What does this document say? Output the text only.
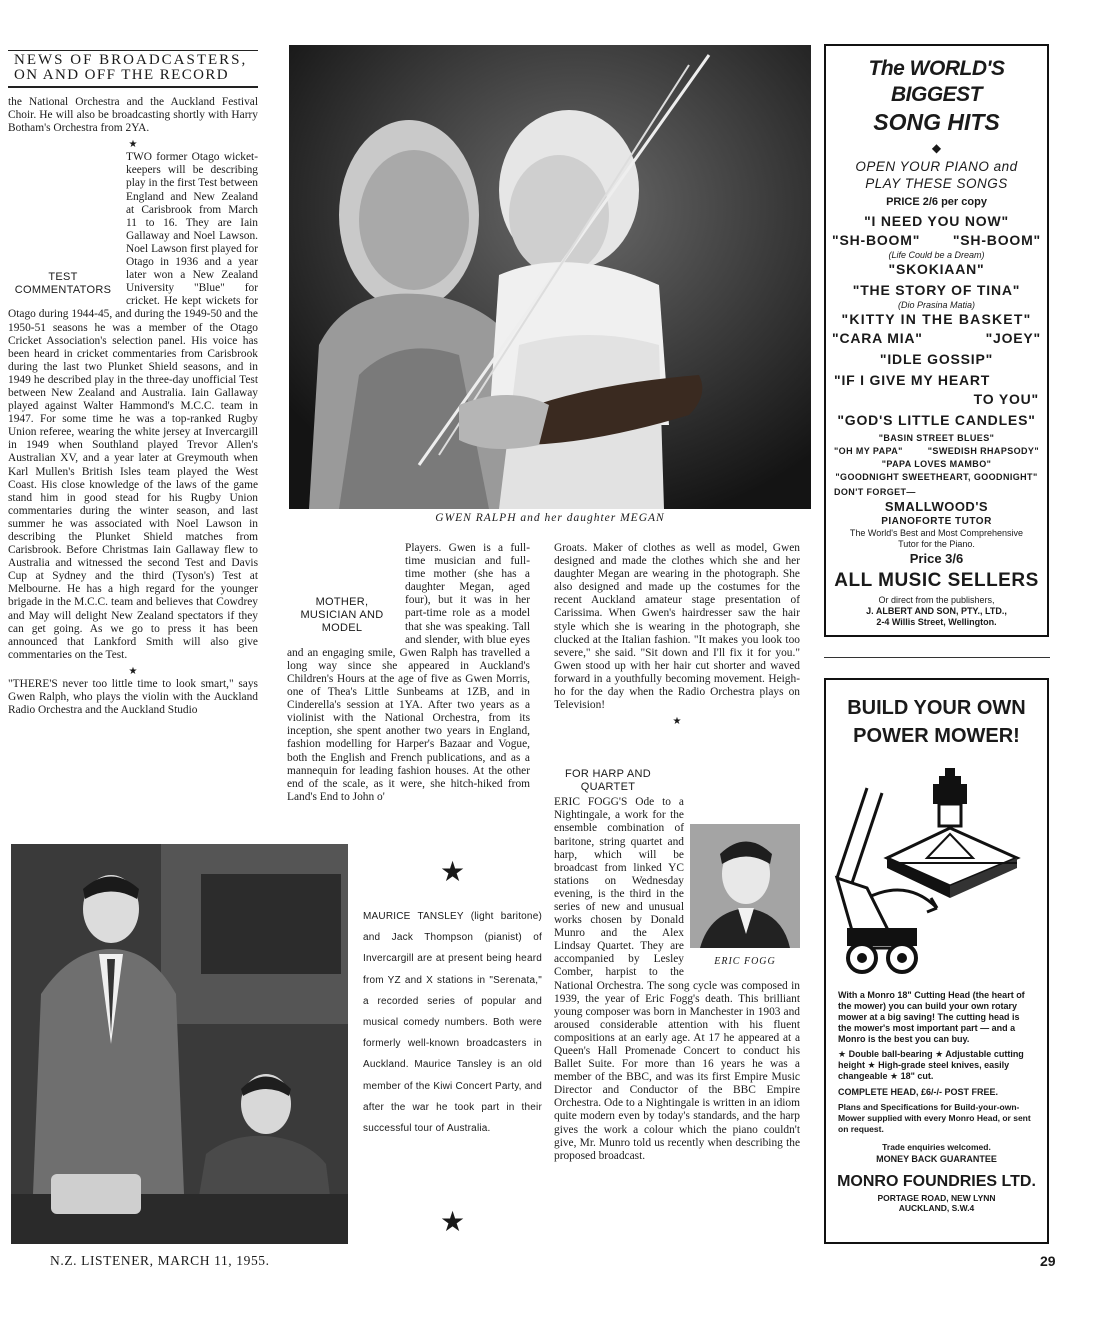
NEWS OF BROADCASTERS,
ON AND OFF THE RECORD

the National Orchestra and the Auckland Festival Choir. He will also be broadcasting shortly with Harry Botham's Orchestra from 2YA.

★

TEST COMMENTATORS
TWO former Otago wicket-keepers will be describing play in the first Test between England and New Zealand at Carisbrook from March 11 to 16. They are Iain Gallaway and Noel Lawson. Noel Lawson first played for Otago in 1936 and a year later won a New Zealand University "Blue" for cricket. He kept wickets for Otago during 1944-45, and during the 1949-50 and the 1950-51 seasons he was a member of the Otago Cricket Association's selection panel. His voice has been heard in cricket commentaries from Carisbrook during the last two Plunket Shield seasons, and in 1949 he described play in the three-day unofficial Test between New Zealand and Australia. Iain Gallaway played against Walter Hammond's M.C.C. team in 1947. For some time he was a top-ranked Rugby Union referee, wearing the white jersey at Invercargill in 1949 when Southland played Trevor Allen's Australian XV, and a year later at Greymouth when Karl Mullen's British Isles team played the West Coast. His close knowledge of the laws of the game stand him in good stead for his Rugby Union commentaries during the winter season, and last summer he was associated with Noel Lawson in describing the Plunket Shield matches from Carisbrook. Before Christmas Iain Gallaway flew to Australia and witnessed the second Test and Davis Cup at Sydney and the third (Tyson's) Test at Melbourne. He has a high regard for the younger brigade in the M.C.C. team and believes that Cowdrey and May will delight New Zealand spectators if they can get going. As we go to press it has been announced that Lankford Smith will also give commentaries on the Test.

★

"THERE'S never too little time to look smart," says Gwen Ralph, who plays the violin with the Auckland Radio Orchestra and the Auckland Studio

GWEN RALPH and her daughter MEGAN

MOTHER, MUSICIAN AND MODEL
Players. Gwen is a full-time musician and full-time mother (she has a daughter Megan, aged four), but it was in her part-time role as a model that she was speaking. Tall and slender, with blue eyes and an engaging smile, Gwen Ralph has travelled a long way since she appeared in Auckland's Children's Hours at the age of five as Gwen Morris, one of Thea's Little Sunbeams at 1ZB, and in Cinderella's session at 1YA. After two years as a violinist with the National Orchestra, from its inception, she spent another two years in England, fashion modelling for Harper's Bazaar and Vogue, both the English and French publications, and as a mannequin for leading fashion houses. At the other end of the scale, as it were, she hitch-hiked from Land's End to John o'

Groats. Maker of clothes as well as model, Gwen designed and made the clothes which she and her daughter Megan are wearing in the photograph. She also designed and made up the costumes for the recent Auckland amateur stage presentation of Carissima. When Gwen's hairdresser saw the hair style which she is wearing in the photograph, she clucked at the Italian fashion. "It makes you look too severe," she said. "Sit down and I'll fix it for you." Gwen stood up with her hair cut shorter and waved forward in a youthfully becoming movement. Heigh-ho for the day when the Radio Orchestra plays on Television!

★

FOR HARP AND QUARTET
ERIC FOGG
ERIC FOGG'S Ode to a Nightingale, a work for the ensemble combination of baritone, string quartet and harp, which will be broadcast from linked YC stations on Wednesday evening, is the third in the series of new and unusual works chosen by Donald Munro and the Alex Lindsay Quartet. They are accompanied by Lesley Comber, harpist to the National Orchestra. The song cycle was composed in 1939, the year of Eric Fogg's death. This brilliant young composer was born in Manchester in 1903 and aroused considerable attention with his fluent compositions at an early age. At 17 he appeared at a Queen's Hall Promenade Concert to conduct his Ballet Suite. For more than 16 years he was a member of the BBC, and was its first Empire Music Director and Conductor of the BBC Empire Orchestra. Ode to a Nightingale is written in an idiom quite modern even by today's standards, and the harp gives the work a colour which the piano couldn't give, Mr. Munro told us recently when describing the proposed broadcast.

★
MAURICE TANSLEY (light baritone) and Jack Thompson (pianist) of Invercargill are at present being heard from YZ and X stations in "Serenata," a recorded series of popular and musical comedy numbers. Both were formerly well-known broadcasters in Auckland. Maurice Tansley is an old member of the Kiwi Concert Party, and after the war he took part in their successful tour of Australia.
★
The WORLD'S BIGGEST
SONG HITS
◆
OPEN YOUR PIANO and
PLAY THESE SONGS
PRICE 2/6 per copy
"I NEED YOU NOW"
"SH-BOOM" "SH-BOOM"
(Life Could be a Dream)
"SKOKIAAN"
"THE STORY OF TINA"
(Dio Prasina Matia)
"KITTY IN THE BASKET"
"CARA MIA"	"JOEY"
"IDLE GOSSIP"
"IF I GIVE MY HEART
TO YOU"
"GOD'S LITTLE CANDLES"
"BASIN STREET BLUES"
"OH MY PAPA"	"SWEDISH RHAPSODY"
"PAPA LOVES MAMBO"
"GOODNIGHT SWEETHEART, GOODNIGHT"
DON'T FORGET—
SMALLWOOD'S
PIANOFORTE TUTOR
The World's Best and Most Comprehensive
Tutor for the Piano.
Price 3/6
ALL MUSIC SELLERS
Or direct from the publishers,
J. ALBERT AND SON, PTY., LTD.,
2-4 Willis Street, Wellington.
BUILD YOUR OWN
POWER MOWER!
With a Monro 18" Cutting Head (the heart of the mower) you can build your own rotary mower at a big saving! The cutting head is the mower's most important part — and a Monro is the best you can buy.
★ Double ball-bearing ★ Adjustable cutting height ★ High-grade steel knives, easily changeable ★ 18" cut.
COMPLETE HEAD, £6/-/- POST FREE.
Plans and Specifications for Build-your-own-Mower supplied with every Monro Head, or sent on request.
Trade enquiries welcomed.
MONEY BACK GUARANTEE
MONRO FOUNDRIES LTD.
PORTAGE ROAD, NEW LYNN
AUCKLAND, S.W.4
N.Z. LISTENER, MARCH 11, 1955.	29
